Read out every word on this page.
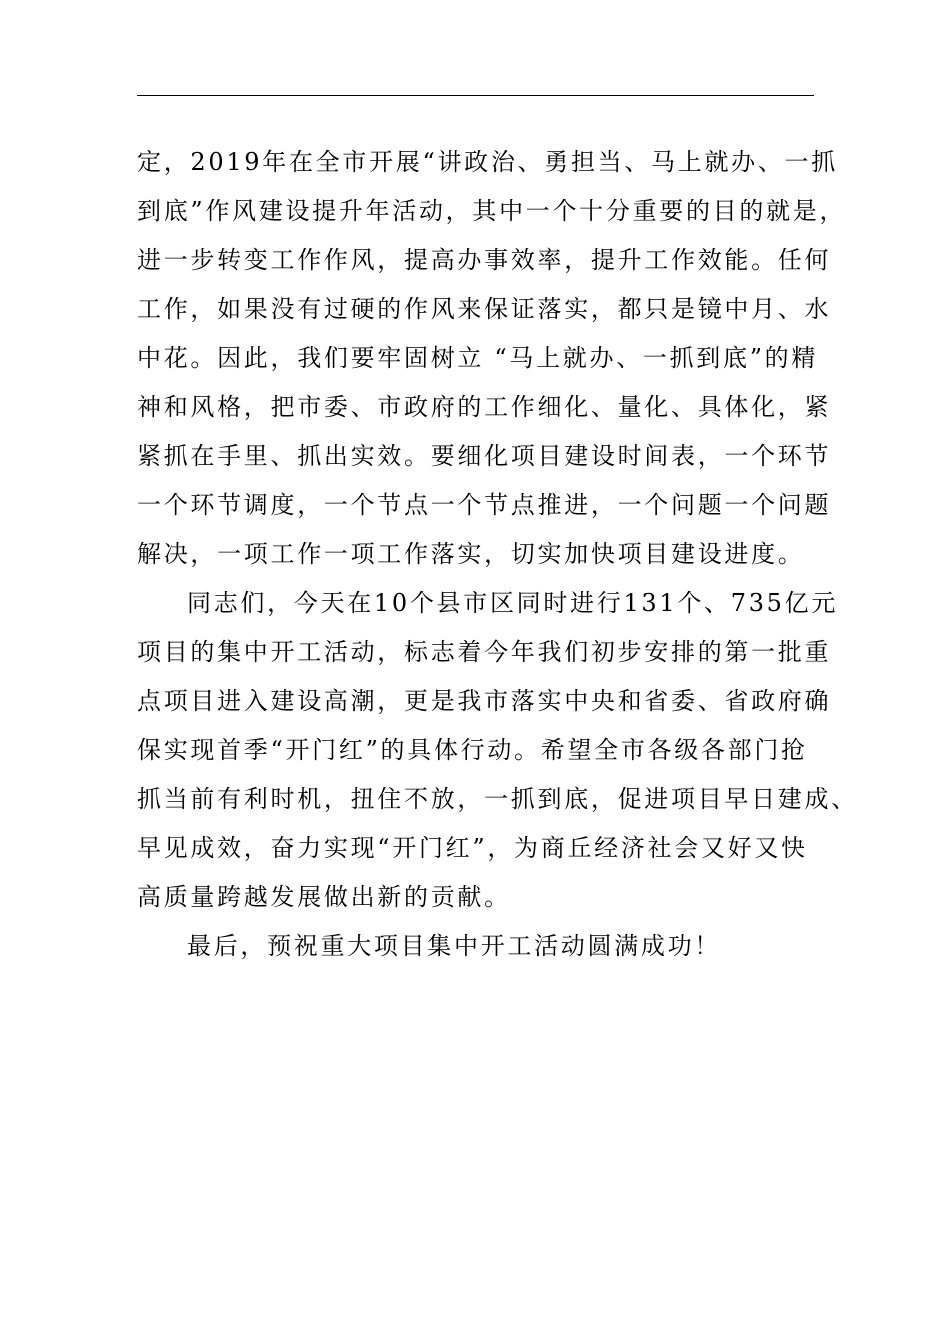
定，2019年在全市开展“讲政治、勇担当、马上就办、一抓
到底”作风建设提升年活动，其中一个十分重要的目的就是，
进一步转变工作作风，提高办事效率，提升工作效能。任何
工作，如果没有过硬的作风来保证落实，都只是镜中月、水
中花。因此，我们要牢固树立 “马上就办、一抓到底”的精
神和风格，把市委、市政府的工作细化、量化、具体化，紧
紧抓在手里、抓出实效。要细化项目建设时间表，一个环节
一个环节调度，一个节点一个节点推进，一个问题一个问题
解决，一项工作一项工作落实，切实加快项目建设进度。
同志们，今天在10个县市区同时进行131个、735亿元
项目的集中开工活动，标志着今年我们初步安排的第一批重
点项目进入建设高潮，更是我市落实中央和省委、省政府确
保实现首季“开门红”的具体行动。希望全市各级各部门抢
抓当前有利时机，扭住不放，一抓到底，促进项目早日建成、
早见成效，奋力实现“开门红”，为商丘经济社会又好又快
高质量跨越发展做出新的贡献。
最后，预祝重大项目集中开工活动圆满成功！
